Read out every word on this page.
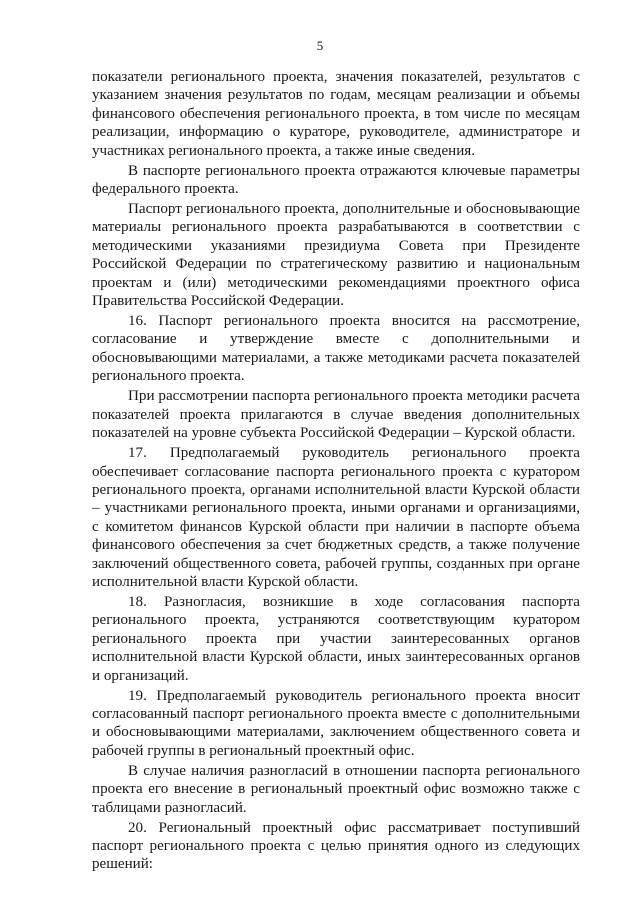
5

показатели регионального проекта, значения показателей, результатов с указанием значения результатов по годам, месяцам реализации и объемы финансового обеспечения регионального проекта, в том числе по месяцам реализации, информацию о кураторе, руководителе, администраторе и участниках регионального проекта, а также иные сведения.

В паспорте регионального проекта отражаются ключевые параметры федерального проекта.

Паспорт регионального проекта, дополнительные и обосновывающие материалы регионального проекта разрабатываются в соответствии с методическими указаниями президиума Совета при Президенте Российской Федерации по стратегическому развитию и национальным проектам и (или) методическими рекомендациями проектного офиса Правительства Российской Федерации.

16. Паспорт регионального проекта вносится на рассмотрение, согласование и утверждение вместе с дополнительными и обосновывающими материалами, а также методиками расчета показателей регионального проекта.

При рассмотрении паспорта регионального проекта методики расчета показателей проекта прилагаются в случае введения дополнительных показателей на уровне субъекта Российской Федерации – Курской области.

17. Предполагаемый руководитель регионального проекта обеспечивает согласование паспорта регионального проекта с куратором регионального проекта, органами исполнительной власти Курской области – участниками регионального проекта, иными органами и организациями, с комитетом финансов Курской области при наличии в паспорте объема финансового обеспечения за счет бюджетных средств, а также получение заключений общественного совета, рабочей группы, созданных при органе исполнительной власти Курской области.

18. Разногласия, возникшие в ходе согласования паспорта регионального проекта, устраняются соответствующим куратором регионального проекта при участии заинтересованных органов исполнительной власти Курской области, иных заинтересованных органов и организаций.

19. Предполагаемый руководитель регионального проекта вносит согласованный паспорт регионального проекта вместе с дополнительными и обосновывающими материалами, заключением общественного совета и рабочей группы в региональный проектный офис.

В случае наличия разногласий в отношении паспорта регионального проекта его внесение в региональный проектный офис возможно также с таблицами разногласий.

20. Региональный проектный офис рассматривает поступивший паспорт регионального проекта с целью принятия одного из следующих решений:
